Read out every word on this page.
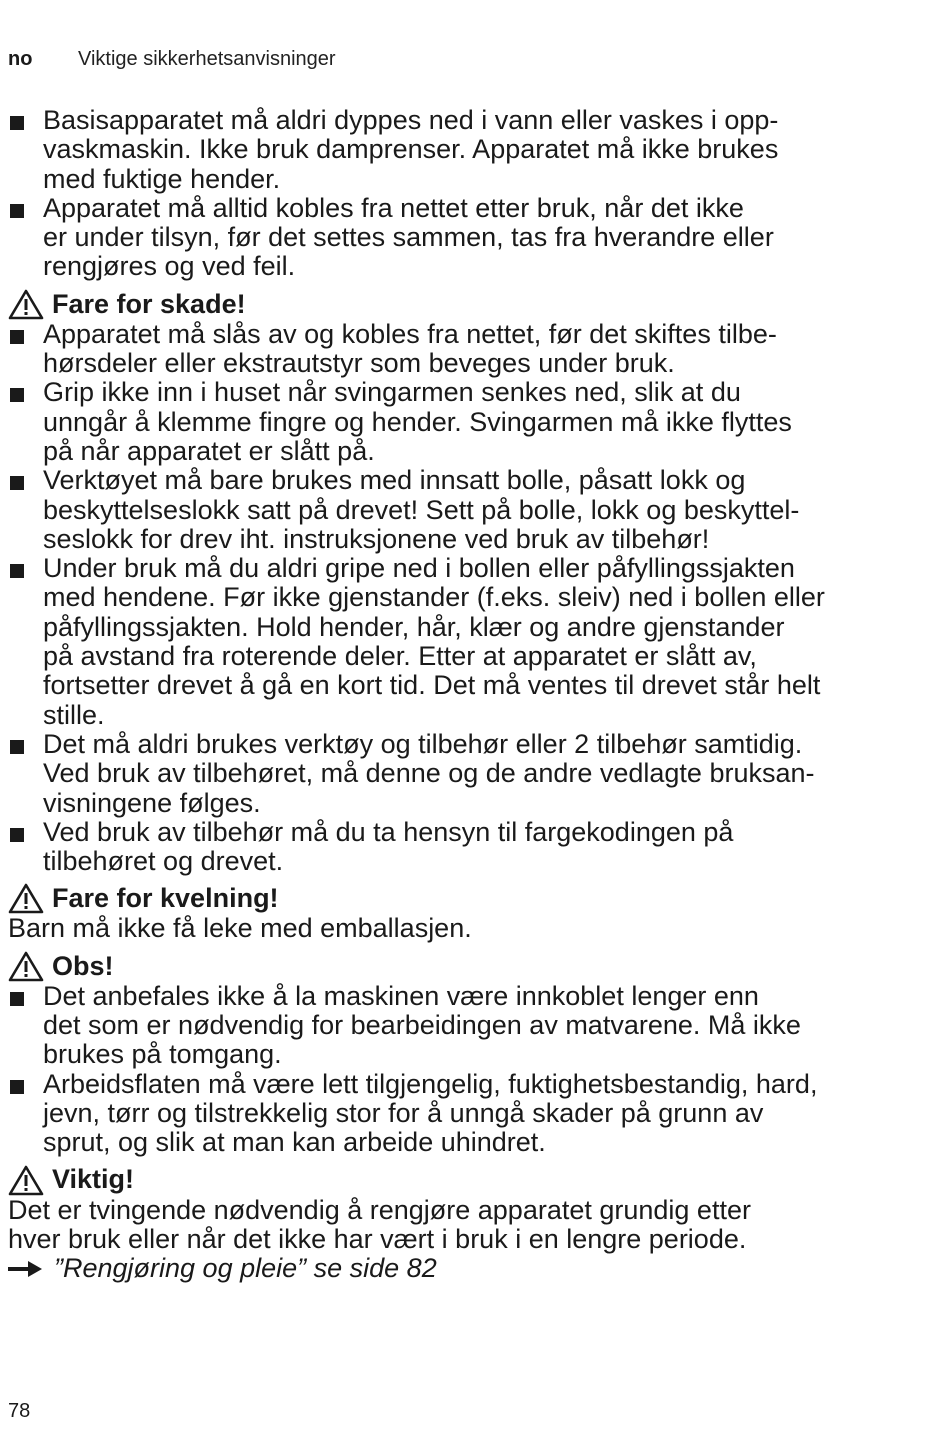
no	Viktige sikkerhetsanvisninger
Basisapparatet må aldri dyppes ned i vann eller vaskes i opp-
vaskmaskin. Ikke bruk damprenser. Apparatet må ikke brukes
med fuktige hender.
Apparatet må alltid kobles fra nettet etter bruk, når det ikke
er under tilsyn, før det settes sammen, tas fra hverandre eller
rengjøres og ved feil.
Fare for skade!
Apparatet må slås av og kobles fra nettet, før det skiftes tilbe-
hørsdeler eller ekstrautstyr som beveges under bruk.
Grip ikke inn i huset når svingarmen senkes ned, slik at du
unngår å klemme fingre og hender. Svingarmen må ikke flyttes
på når apparatet er slått på.
Verktøyet må bare brukes med innsatt bolle, påsatt lokk og
beskyttelseslokk satt på drevet! Sett på bolle, lokk og beskyttel-
seslokk for drev iht. instruksjonene ved bruk av tilbehør!
Under bruk må du aldri gripe ned i bollen eller påfyllingssjakten
med hendene. Før ikke gjenstander (f.eks. sleiv) ned i bollen eller
påfyllingssjakten. Hold hender, hår, klær og andre gjenstander
på avstand fra roterende deler. Etter at apparatet er slått av,
fortsetter drevet å gå en kort tid. Det må ventes til drevet står helt
stille.
Det må aldri brukes verktøy og tilbehør eller 2 tilbehør samtidig.
Ved bruk av tilbehøret, må denne og de andre vedlagte bruksan-
visningene følges.
Ved bruk av tilbehør må du ta hensyn til fargekodingen på
tilbehøret og drevet.
Fare for kvelning!
Barn må ikke få leke med emballasjen.
Obs!
Det anbefales ikke å la maskinen være innkoblet lenger enn
det som er nødvendig for bearbeidingen av matvarene. Må ikke
brukes på tomgang.
Arbeidsflaten må være lett tilgjengelig, fuktighetsbestandig, hard,
jevn, tørr og tilstrekkelig stor for å unngå skader på grunn av
sprut, og slik at man kan arbeide uhindret.
Viktig!
Det er tvingende nødvendig å rengjøre apparatet grundig etter
hver bruk eller når det ikke har vært i bruk i en lengre periode.
”Rengjøring og pleie” se side 82
78
